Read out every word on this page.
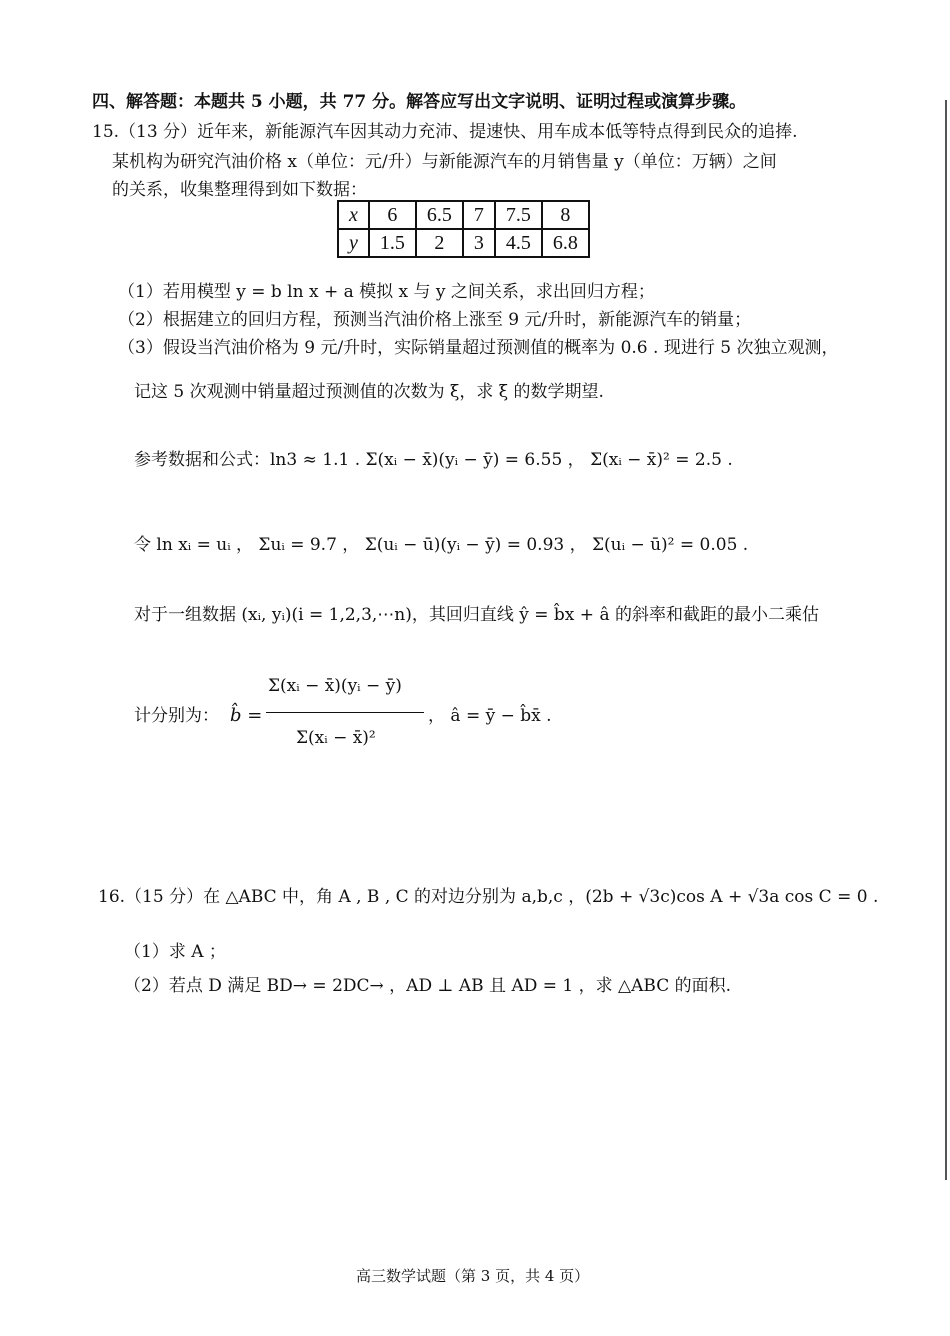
四、解答题：本题共 5 小题，共 77 分。解答应写出文字说明、证明过程或演算步骤。
15.（13 分）近年来，新能源汽车因其动力充沛、提速快、用车成本低等特点得到民众的追捧.
某机构为研究汽油价格 x（单位：元/升）与新能源汽车的月销售量 y（单位：万辆）之间
的关系，收集整理得到如下数据：
x	6	6.5	7	7.5	8
y	1.5	2	3	4.5	6.8
（1）若用模型 y = b ln x + a 模拟 x 与 y 之间关系，求出回归方程；
（2）根据建立的回归方程，预测当汽油价格上涨至 9 元/升时，新能源汽车的销量；
（3）假设当汽油价格为 9 元/升时，实际销量超过预测值的概率为 0.6 . 现进行 5 次独立观测，
记这 5 次观测中销量超过预测值的次数为 ξ，求 ξ 的数学期望.
参考数据和公式：ln3 ≈ 1.1 . Σ(xᵢ − x̄)(yᵢ − ȳ) = 6.55 ， Σ(xᵢ − x̄)² = 2.5 .
令 ln xᵢ = uᵢ ， Σuᵢ = 9.7 ， Σ(uᵢ − ū)(yᵢ − ȳ) = 0.93 ， Σ(uᵢ − ū)² = 0.05 .
对于一组数据 (xᵢ, yᵢ)(i = 1,2,3,⋯n)，其回归直线 ŷ = b̂x + â 的斜率和截距的最小二乘估
计分别为： b̂ =
Σ(xᵢ − x̄)(yᵢ − ȳ)
Σ(xᵢ − x̄)²
， â = ȳ − b̂x̄ .
16.（15 分）在 △ABC 中，角 A , B , C 的对边分别为 a,b,c ，(2b + √3c)cos A + √3a cos C = 0 .
（1）求 A ；
（2）若点 D 满足 BD→ = 2DC→ ，AD ⊥ AB 且 AD = 1 ，求 △ABC 的面积.
高三数学试题（第 3 页，共 4 页）
